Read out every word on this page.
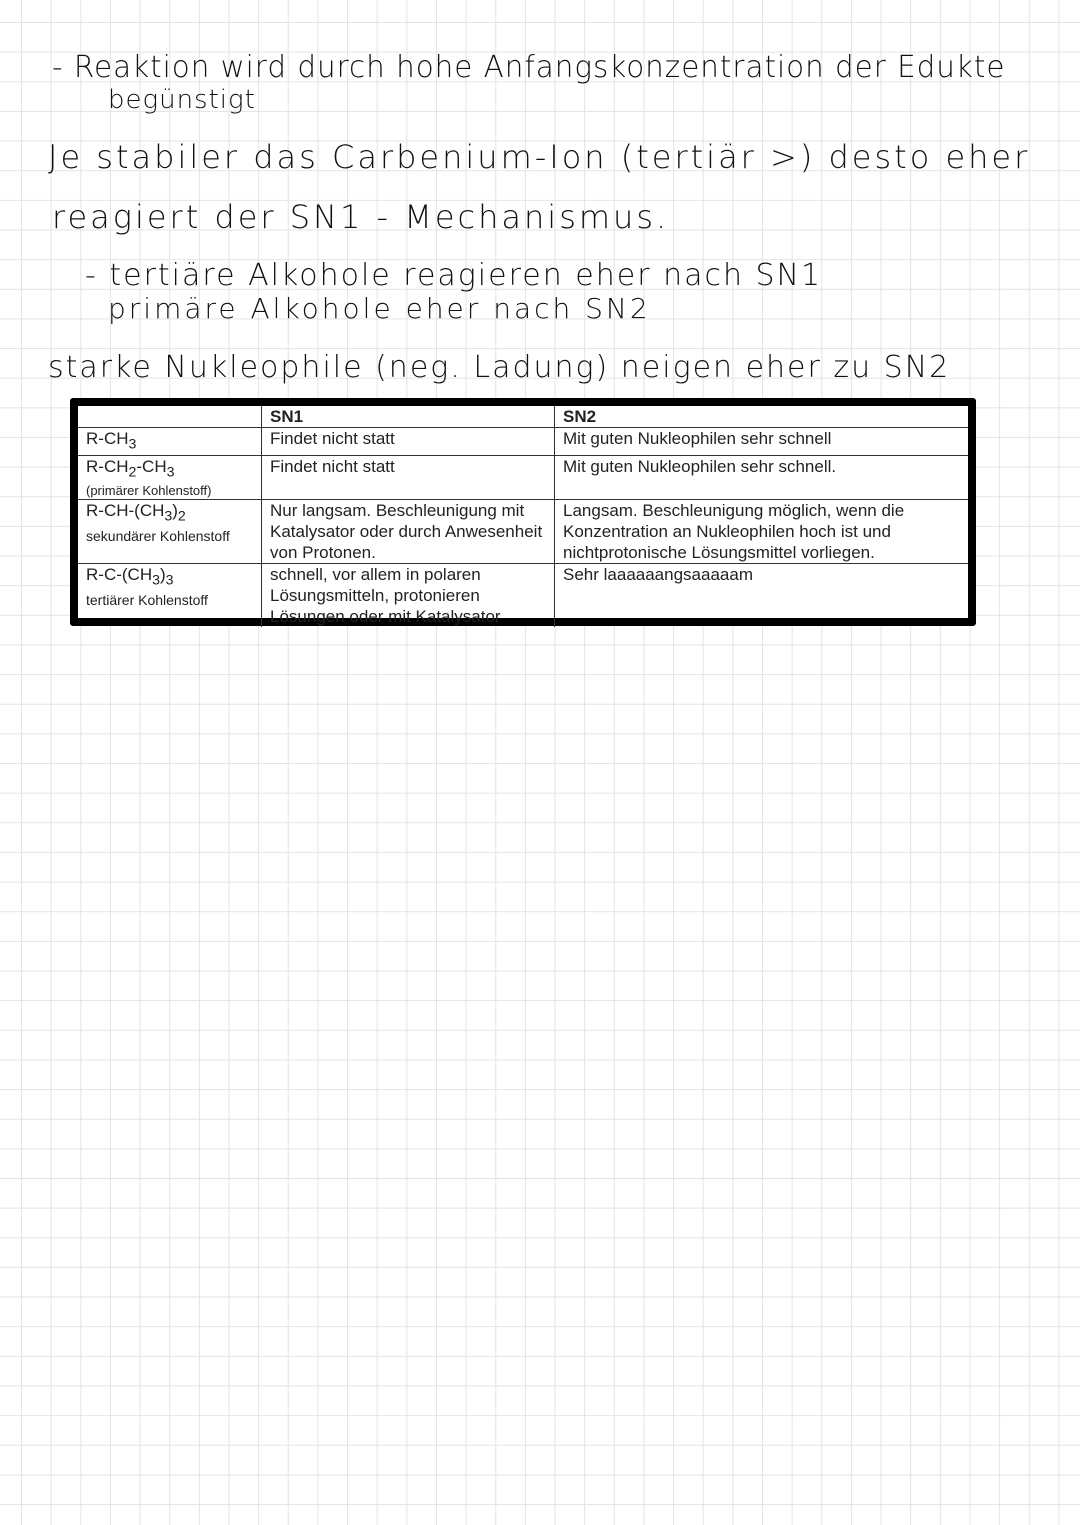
- Reaktion wird durch hohe Anfangskonzentration der Edukte
begünstigt
Je stabiler das Carbenium-Ion (tertiär >) desto eher
reagiert der SN1 - Mechanismus.
- tertiäre Alkohole reagieren eher nach SN1
primäre Alkohole eher nach SN2
starke Nukleophile (neg. Ladung) neigen eher zu SN2
	SN1	SN2
$R-CH_3$	Findet nicht statt	Mit guten Nukleophilen sehr schnell
$R-CH_2-CH_3$
(primärer Kohlenstoff)	Findet nicht statt	Mit guten Nukleophilen sehr schnell.
$R-CH-(CH_3)_2$
sekundärer Kohlenstoff	Nur langsam. Beschleunigung mit Katalysator oder durch Anwesenheit von Protonen.	Langsam. Beschleunigung möglich, wenn die Konzentration an Nukleophilen hoch ist und nichtprotonische Lösungsmittel vorliegen.
$R-C-(CH_3)_3$
tertiärer Kohlenstoff	schnell, vor allem in polaren Lösungsmitteln, protonieren Lösungen oder mit Katalysator	Sehr laaaaaangsaaaaam
